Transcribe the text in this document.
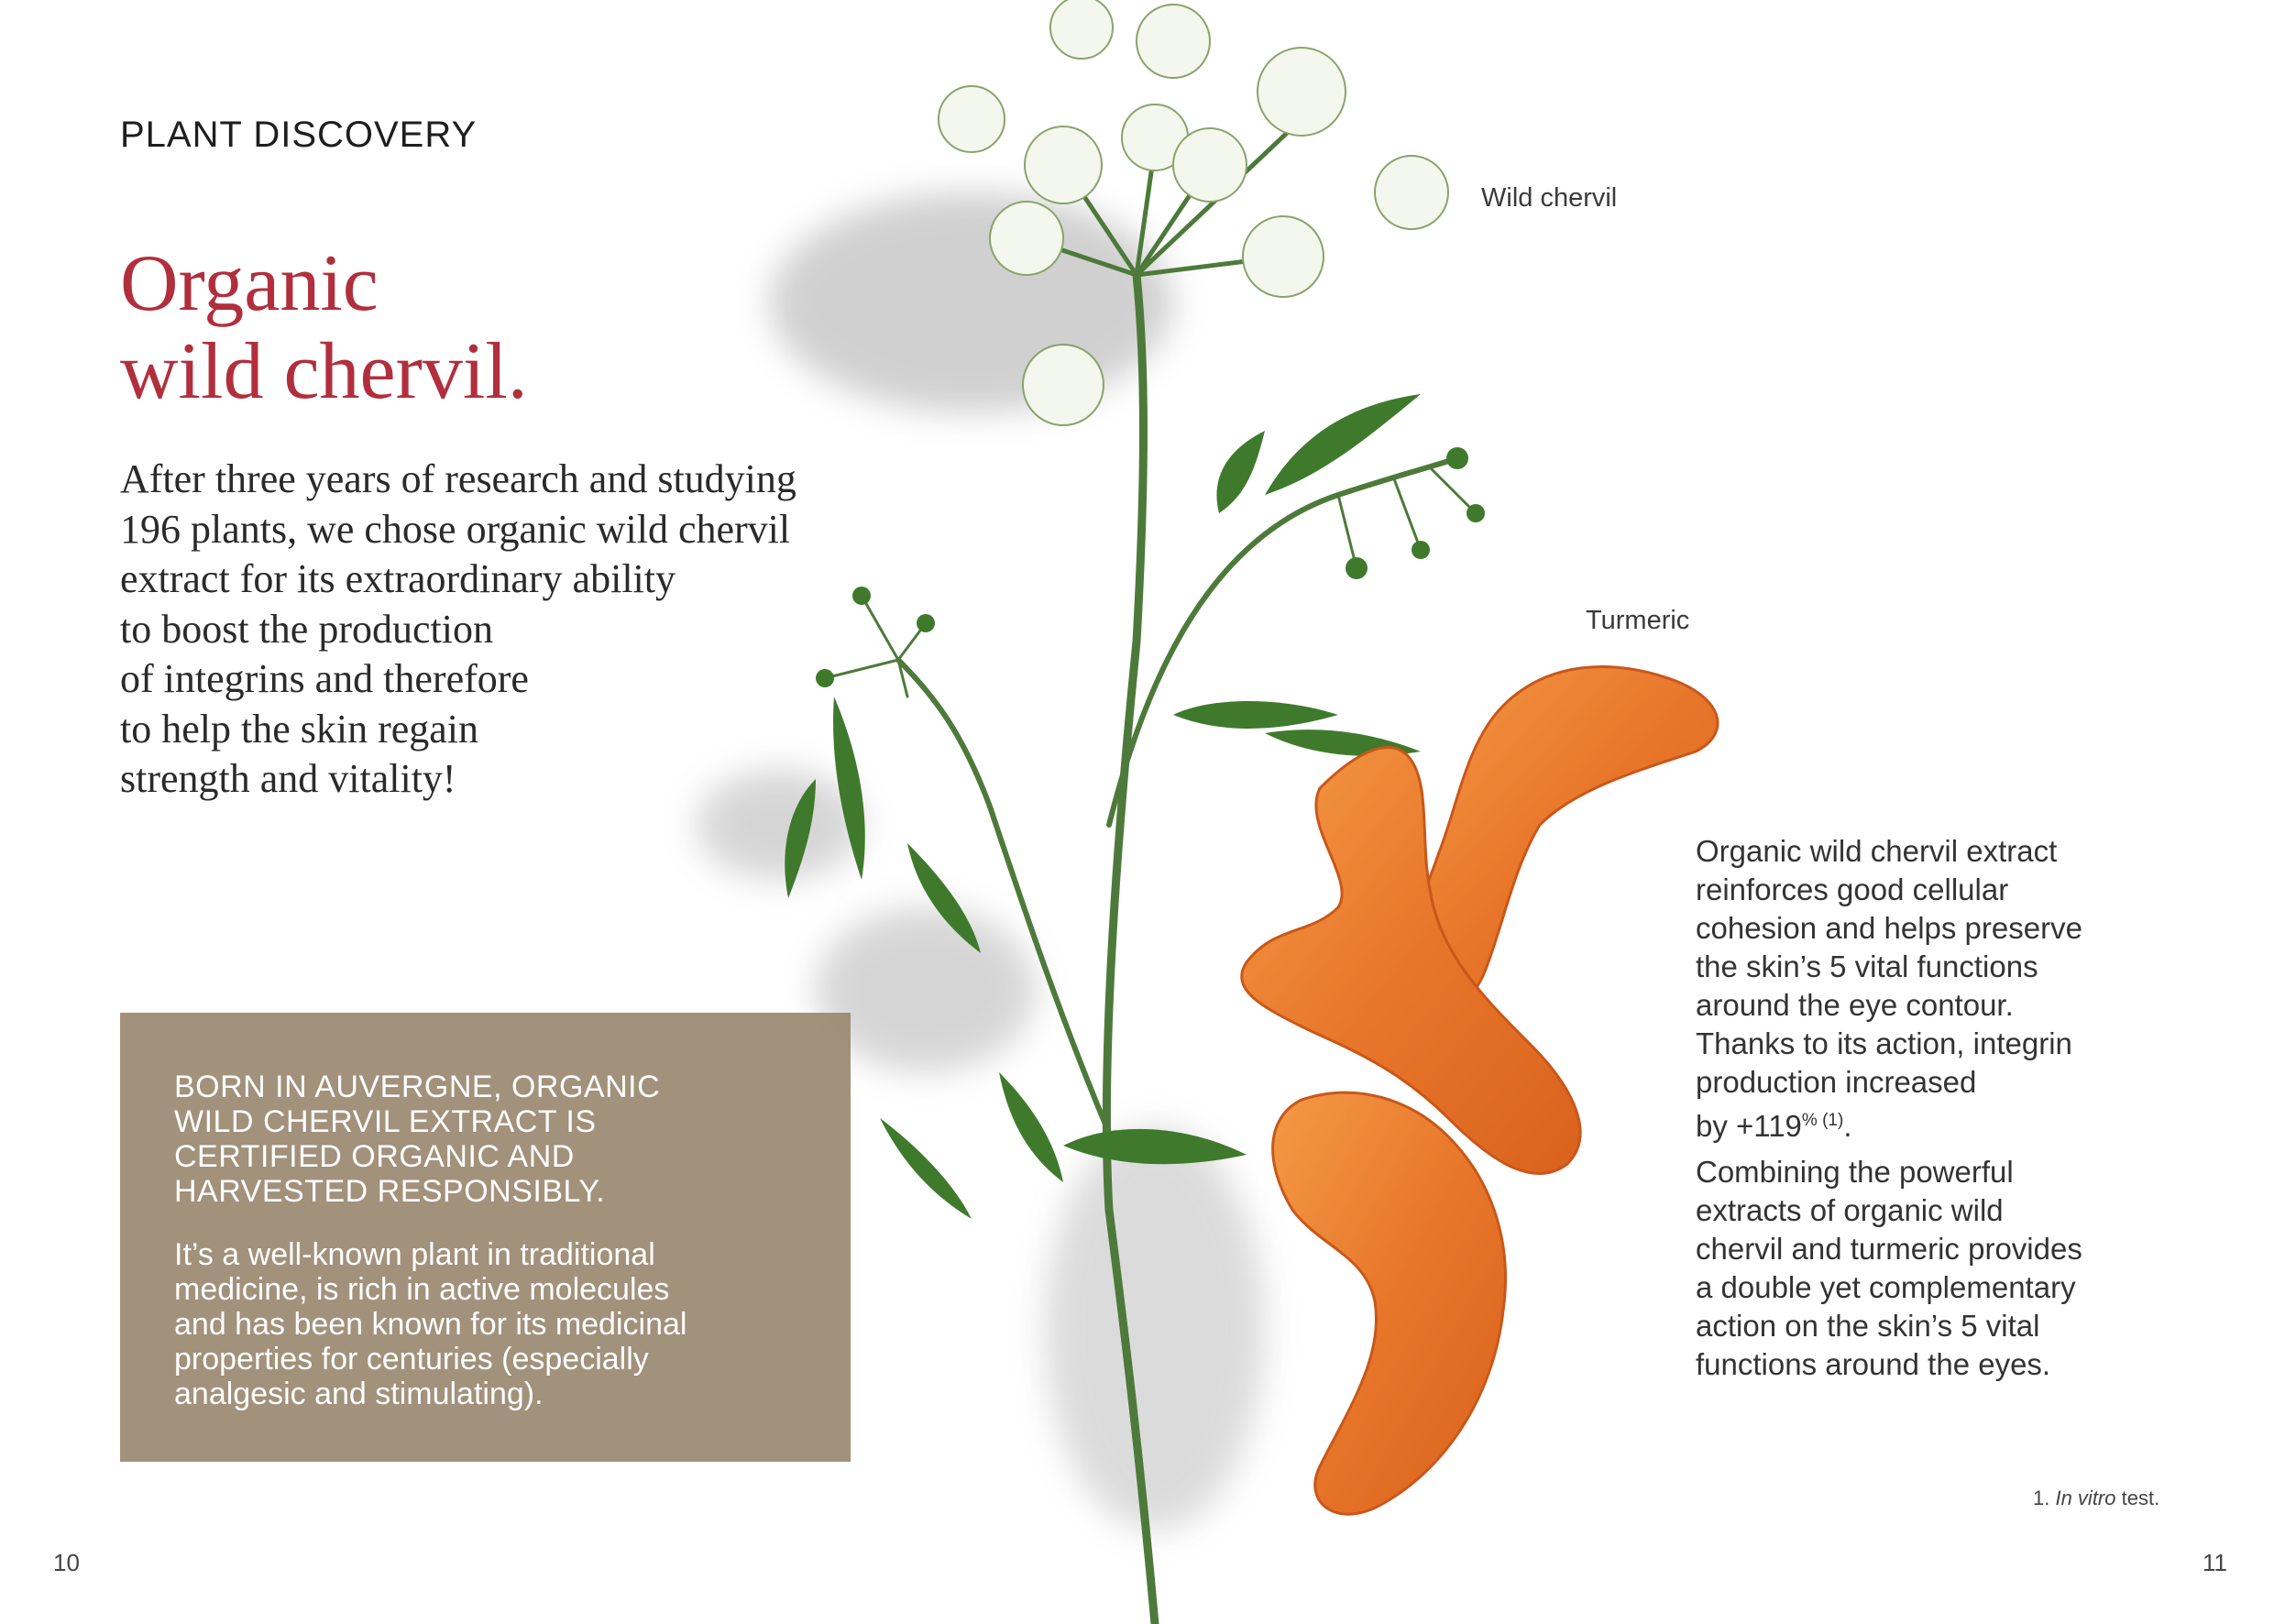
PLANT DISCOVERY
Organic
wild chervil.
After three years of research and studying
196 plants, we chose organic wild chervil
extract for its extraordinary ability
to boost the production
of integrins and therefore
to help the skin regain
strength and vitality!
BORN IN AUVERGNE, ORGANIC
WILD CHERVIL EXTRACT IS
CERTIFIED ORGANIC AND
HARVESTED RESPONSIBLY.
It’s a well-known plant in traditional
medicine, is rich in active molecules
and has been known for its medicinal
properties for centuries (especially
analgesic and stimulating).
10
Wild chervil
Turmeric
Organic wild chervil extract
reinforces good cellular
cohesion and helps preserve
the skin’s 5 vital functions
around the eye contour.
Thanks to its action, integrin
production increased
by $+119^{\% (1)}$.
Combining the powerful
extracts of organic wild
chervil and turmeric provides
a double yet complementary
action on the skin’s 5 vital
functions around the eyes.
1. In vitro test.
11
